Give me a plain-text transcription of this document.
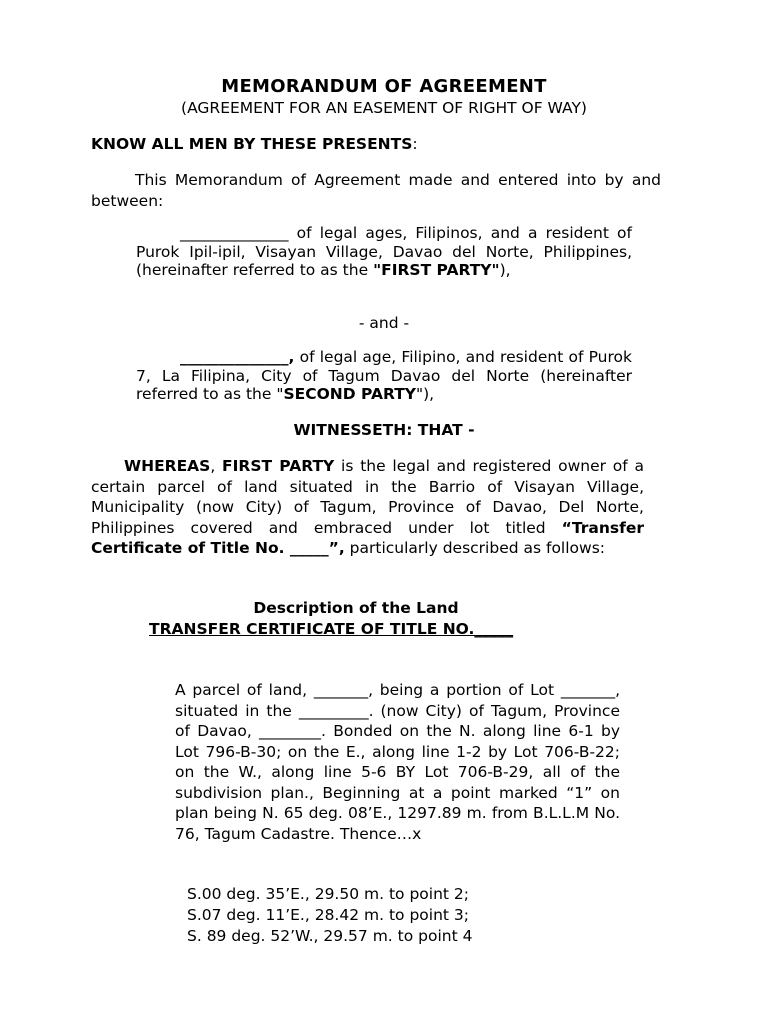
MEMORANDUM OF AGREEMENT
(AGREEMENT FOR AN EASEMENT OF RIGHT OF WAY)

KNOW ALL MEN BY THESE PRESENTS:

This Memorandum of Agreement made and entered into by and between:

______________ of legal ages, Filipinos, and a resident of Purok Ipil-ipil, Visayan Village, Davao del Norte, Philippines, (hereinafter referred to as the "FIRST PARTY"),

- and -

______________, of legal age, Filipino, and resident of Purok 7, La Filipina, City of Tagum Davao del Norte (hereinafter referred to as the "SECOND PARTY"),

WITNESSETH: THAT -

WHEREAS, FIRST PARTY is the legal and registered owner of a certain parcel of land situated in the Barrio of Visayan Village, Municipality (now City) of Tagum, Province of Davao, Del Norte, Philippines covered and embraced under lot titled “Transfer Certificate of Title No. _____”, particularly described as follows:

Description of the Land
TRANSFER CERTIFICATE OF TITLE NO._____

A parcel of land, _______, being a portion of Lot _______, situated in the _________. (now City) of Tagum, Province of Davao, ________. Bonded on the N. along line 6-1 by Lot 796-B-30; on the E., along line 1-2 by Lot 706-B-22; on the W., along line 5-6 BY Lot 706-B-29, all of the subdivision plan., Beginning at a point marked “1” on plan being N. 65 deg. 08’E., 1297.89 m. from B.L.L.M No. 76, Tagum Cadastre. Thence…x

S.00 deg. 35’E., 29.50 m. to point 2;
S.07 deg. 11’E., 28.42 m. to point 3;
S. 89 deg. 52’W., 29.57 m. to point 4
